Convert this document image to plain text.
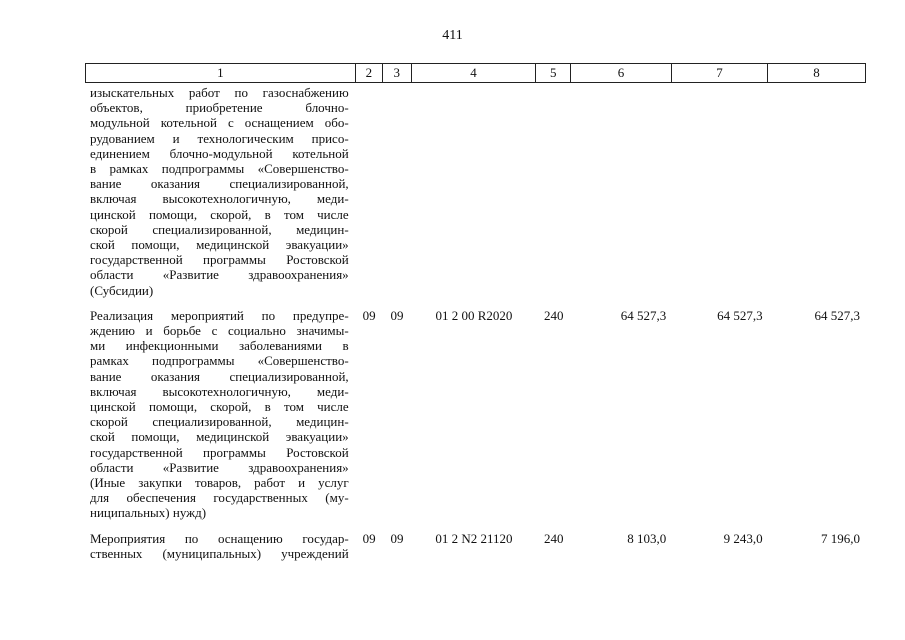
411
1	2	3	4	5	6	7	8
изыскательных работ по газоснабжению
объектов, приобретение блочно-
модульной котельной с оснащением обо-
рудованием и технологическим присо-
единением блочно-модульной котельной
в рамках подпрограммы «Совершенство-
вание оказания специализированной,
включая высокотехнологичную, меди-
цинской помощи, скорой, в том числе
скорой специализированной, медицин-
ской помощи, медицинской эвакуации»
государственной программы Ростовской
области «Развитие здравоохранения»
(Субсидии)
Реализация мероприятий по предупре-
ждению и борьбе с социально значимы-
ми инфекционными заболеваниями в
рамках подпрограммы «Совершенство-
вание оказания специализированной,
включая высокотехнологичную, меди-
цинской помощи, скорой, в том числе
скорой специализированной, медицин-
ской помощи, медицинской эвакуации»
государственной программы Ростовской
области «Развитие здравоохранения»
(Иные закупки товаров, работ и услуг
для обеспечения государственных (му-
ниципальных) нужд)
09	09	01 2 00 R2020	240	64 527,3	64 527,3	64 527,3
Мероприятия по оснащению государ-
ственных (муниципальных) учреждений
09	09	01 2 N2 21120	240	8 103,0	9 243,0	7 196,0
